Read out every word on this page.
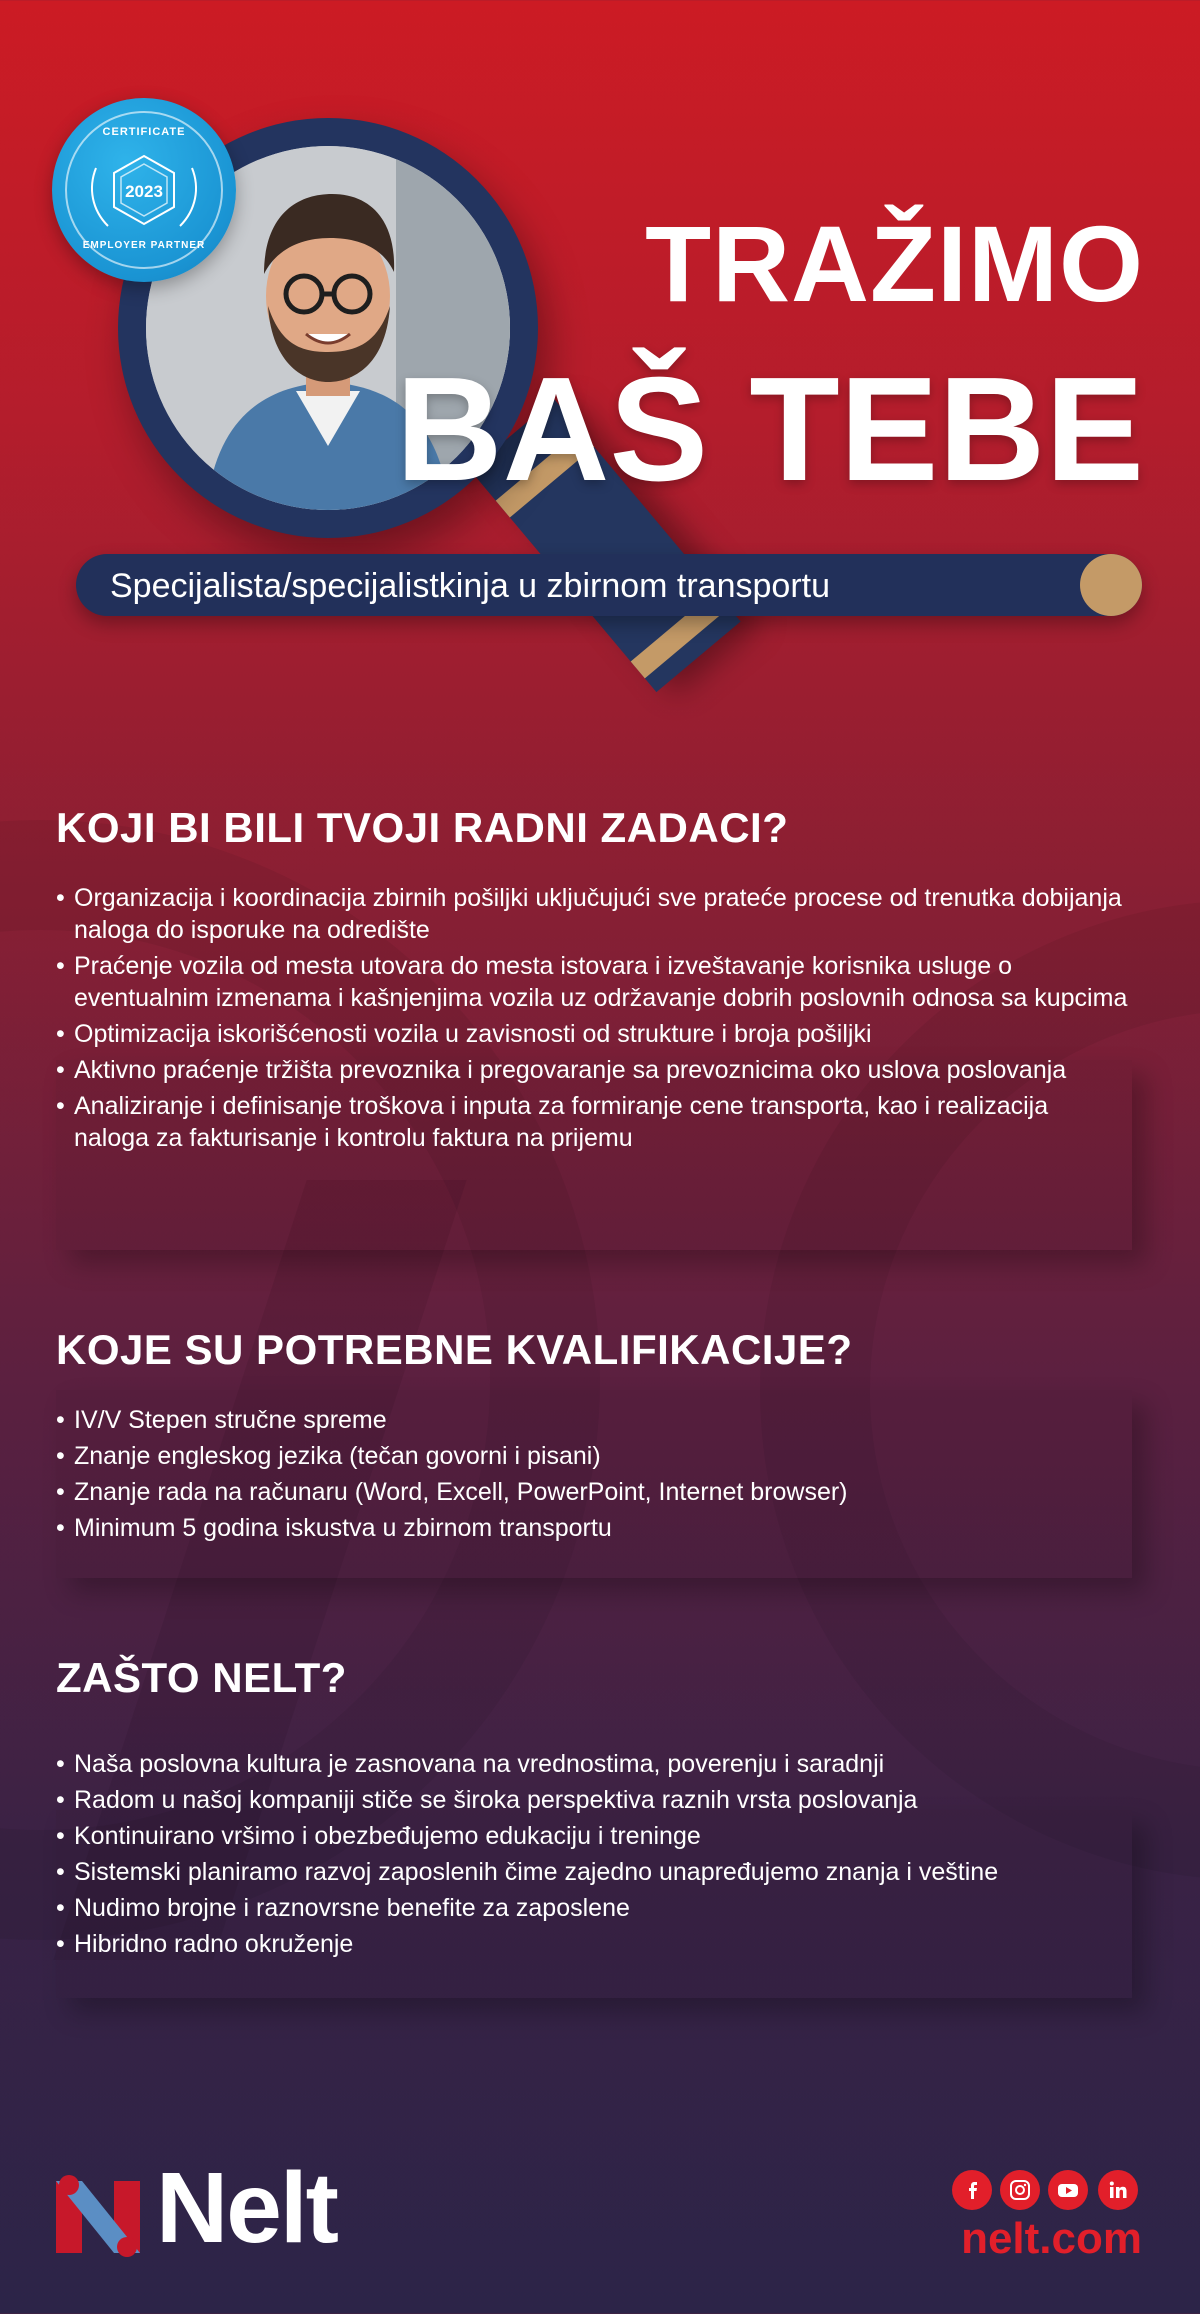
CERTIFICATE
2023
EMPLOYER PARTNER	TRAŽIMO
BAŠ TEBE
Specijalista/specijalistkinja u zbirnom transportu
KOJI BI BILI TVOJI RADNI ZADACI?
• Organizacija i koordinacija zbirnih pošiljki uključujući sve prateće procese od trenutka dobijanja naloga do isporuke na odredište
• Praćenje vozila od mesta utovara do mesta istovara i izveštavanje korisnika usluge o eventualnim izmenama i kašnjenjima vozila uz održavanje dobrih poslovnih odnosa sa kupcima
• Optimizacija iskorišćenosti vozila u zavisnosti od strukture i broja pošiljki
• Aktivno praćenje tržišta prevoznika i pregovaranje sa prevoznicima oko uslova poslovanja
• Analiziranje i definisanje troškova i inputa za formiranje cene transporta, kao i realizacija naloga za fakturisanje i kontrolu faktura na prijemu
KOJE SU POTREBNE KVALIFIKACIJE?
• IV/V Stepen stručne spreme
• Znanje engleskog jezika (tečan govorni i pisani)
• Znanje rada na računaru (Word, Excell, PowerPoint, Internet browser)
• Minimum 5 godina iskustva u zbirnom transportu
ZAŠTO NELT?
• Naša poslovna kultura je zasnovana na vrednostima, poverenju i saradnji
• Radom u našoj kompaniji stiče se široka perspektiva raznih vrsta poslovanja
• Kontinuirano vršimo i obezbeđujemo edukaciju i treninge
• Sistemski planiramo razvoj zaposlenih čime zajedno unapređujemo znanja i veštine
• Nudimo brojne i raznovrsne benefite za zaposlene
• Hibridno radno okruženje
Nelt	nelt.com
